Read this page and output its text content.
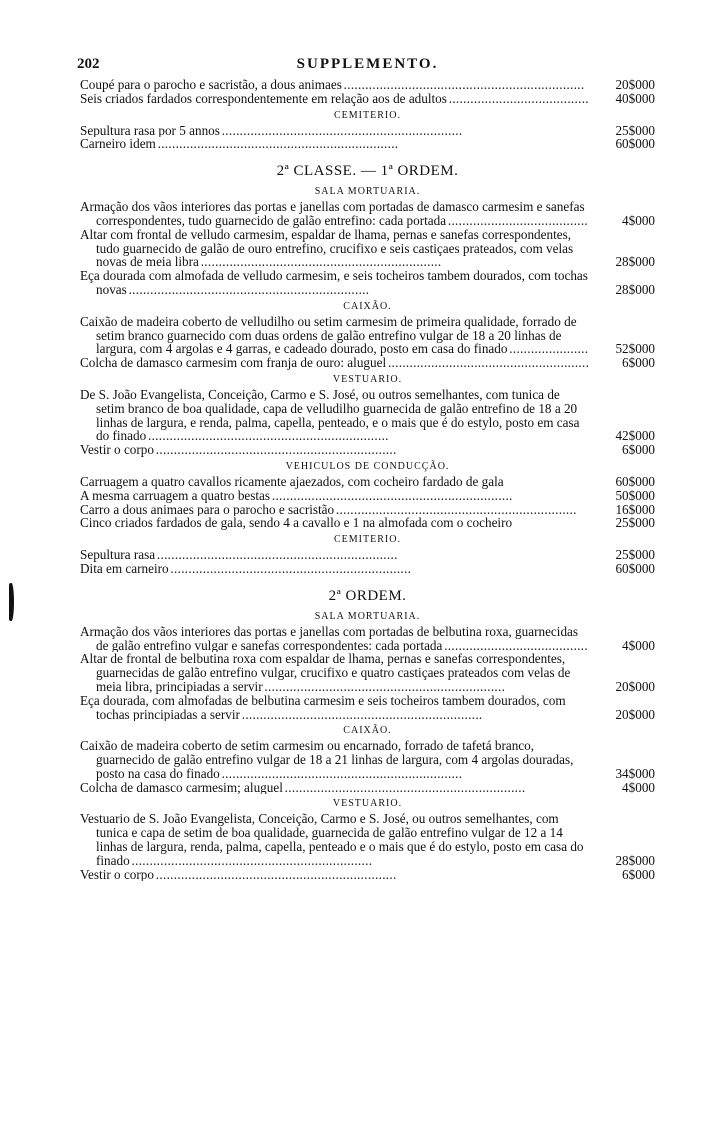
202	SUPPLEMENTO.
Coupé para o parocho e sacristão, a dous animaes . . .	20$000
Seis criados fardados correspondentemente em relação aos de adultos . . .	40$000
CEMITERIO.
Sepultura rasa por 5 annos . . .	25$000
Carneiro idem . . .	60$000
2ª CLASSE. — 1ª ORDEM.
SALA MORTUARIA.
Armação dos vãos interiores das portas e janellas com portadas de damasco carmesim e sanefas correspondentes, tudo guarnecido de galão entrefino: cada portada . . .	4$000
Altar com frontal de velludo carmesim, espaldar de lhama, pernas e sanefas correspondentes, tudo guarnecido de galão de ouro entrefino, crucifixo e seis castiçaes prateados, com velas novas de meia libra . . .	28$000
Eça dourada com almofada de velludo carmesim, e seis tocheiros tambem dourados, com tochas novas . . .	28$000
CAIXÃO.
Caixão de madeira coberto de velludilho ou setim carmesim de primeira qualidade, forrado de setim branco guarnecido com duas ordens de galão entrefino vulgar de 18 a 20 linhas de largura, com 4 argolas e 4 garras, e cadeado dourado, posto em casa do finado . . .	52$000
Colcha de damasco carmesim com franja de ouro: aluguel . . .	6$000
VESTUARIO.
De S. João Evangelista, Conceição, Carmo e S. José, ou outros semelhantes, com tunica de setim branco de boa qualidade, capa de velludilho guarnecida de galão entrefino de 18 a 20 linhas de largura, e renda, palma, capella, penteado, e o mais que é do estylo, posto em casa do finado . . .	42$000
Vestir o corpo . . .	6$000
VEHICULOS DE CONDUCÇÃO.
Carruagem a quatro cavallos ricamente ajaezados, com cocheiro fardado de gala	60$000
A mesma carruagem a quatro bestas . . .	50$000
Carro a dous animaes para o parocho e sacristão . . .	16$000
Cinco criados fardados de gala, sendo 4 a cavallo e 1 na almofada com o cocheiro	25$000
CEMITERIO.
Sepultura rasa . . .	25$000
Dita em carneiro . . .	60$000
2ª ORDEM.
SALA MORTUARIA.
Armação dos vãos interiores das portas e janellas com portadas de belbutina roxa, guarnecidas de galão entrefino vulgar e sanefas correspondentes: cada portada . . .	4$000
Altar de frontal de belbutina roxa com espaldar de lhama, pernas e sanefas correspondentes, guarnecidas de galão entrefino vulgar, crucifixo e quatro castiçaes prateados com velas de meia libra, principiadas a servir . . .	20$000
Eça dourada, com almofadas de belbutina carmesim e seis tocheiros tambem dourados, com tochas principiadas a servir . . .	20$000
CAIXÃO.
Caixão de madeira coberto de setim carmesim ou encarnado, forrado de tafetá branco, guarnecido de galão entrefino vulgar de 18 a 21 linhas de largura, com 4 argolas douradas, posto na casa do finado . . .	34$000
Colcha de damasco carmesim; aluguel . . .	4$000
VESTUARIO.
Vestuario de S. João Evangelista, Conceição, Carmo e S. José, ou outros semelhantes, com tunica e capa de setim de boa qualidade, guarnecida de galão entrefino vulgar de 12 a 14 linhas de largura, renda, palma, capella, penteado e o mais que é do estylo, posto em casa do finado . . .	28$000
Vestir o corpo . . .	6$000
